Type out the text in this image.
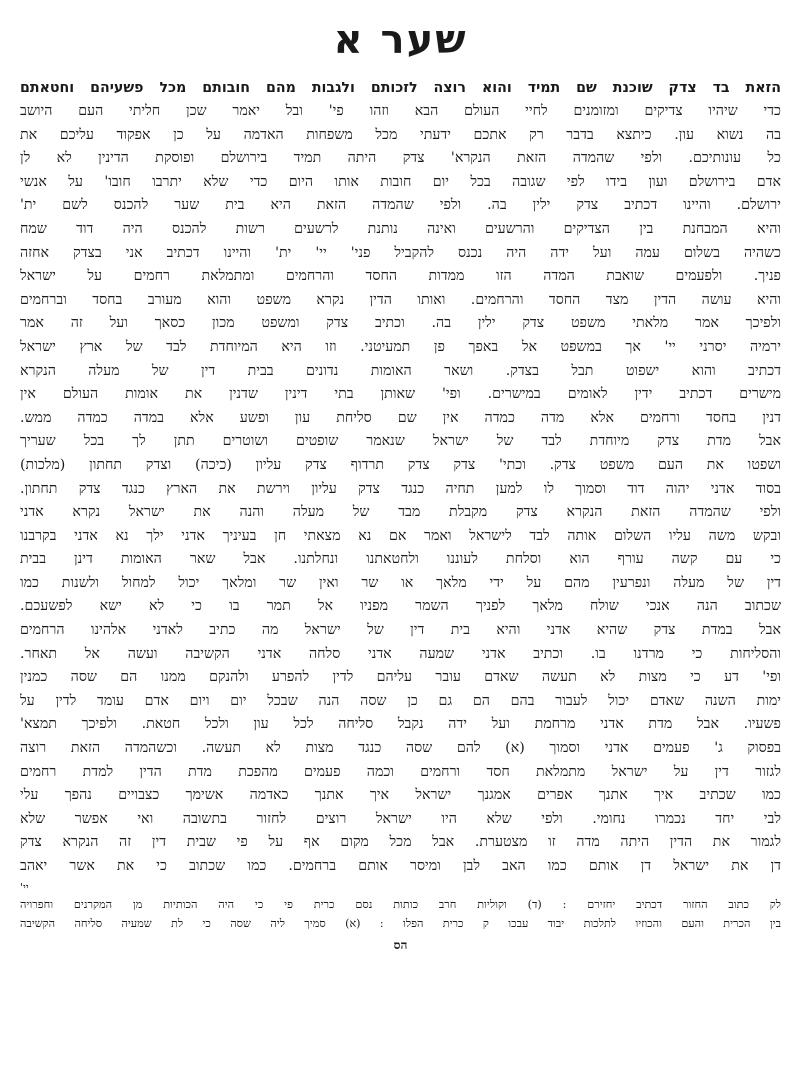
שער א
הזאת בד צדק שוכנת שם תמיד והוא רוצה לזכותם ולגבות מהם חובותם מכל פשעיהם וחטאתם
כדי שיהיו צדיקים ומזומנים לחיי העולם הבא וזהו פי' ובל יאמר שכן חליתי העם היושב
בה נשוא עון. כיתצא בדבר רק אתכם ידעתי מכל משפחות האדמה על כן אפקוד עליכם את
כל עונותיכם. ולפי שהמדה הזאת הנקרא' צדק היתה תמיד בירושלם ופוסקת הדינין לא לן
אדם בירושלם ועון בידו לפי שגובה בכל יום חובות אותו היום כדי שלא יתרבו חובו' על אנשי
ירושלם. והיינו דכתיב צדק ילין בה. ולפי שהמדה הזאת היא בית שער להכנס לשם ית'
והיא המבחנת בין הצדיקים והרשעים ואינה נותנת לרשעים רשות להכנס היה דוד שמח
כשהיה בשלום עמה ועל ידה היה נכנס להקביל פני' יי' ית' והיינו דכתיב אני בצדק אחזה
פניך. ולפעמים שואבת המדה הזו ממדות החסד והרחמים ומתמלאת רחמים על ישראל
והיא עושה הדין מצד החסד והרחמים. ואותו הדין נקרא משפט והוא מעורב בחסד וברחמים
ולפיכך אמר מלאתי משפט צדק ילין בה. וכתיב צדק ומשפט מכון כסאך ועל זה אמר
ירמיה יסרני יי' אך במשפט אל באפך פן תמעיטני. וזו היא המיוחדת לבד של ארץ ישראל
דכתיב והוא ישפוט תבל בצדק. ושאר האומות נדונים בבית דין של מעלה הנקרא
מישרים דכתיב ידין לאומים במישרים. ופי' שאותן בתי דינין שדנין את אומות העולם אין
דנין בחסד ורחמים אלא מדה כמדה אין שם סליחת עון ופשע אלא במדה כמדה ממש.
אבל מדת צדק מיוחדת לבד של ישראל שנאמר שופטים ושוטרים תתן לך בכל שעריך
ושפטו את העם משפט צדק. וכתי' צדק צדק תרדוף צדק עליון (כיכה) וצדק תחתון (מלכות)
בסוד אדני יהוה דוד וסמוך לו למען תחיה כנגד צדק עליון וירשת את הארץ כנגד צדק תחתון.
ולפי שהמדה הזאת הנקרא צדק מקבלת מבד של מעלה והנה את ישראל נקרא אדני
ובקש משה עליו השלום אותה לבד לישראל ואמר אם נא מצאתי חן בעיניך אדני ילך נא אדני בקרבנו
כי עם קשה עורף הוא וסלחת לעוננו ולחטאתנו ונחלתנו. אבל שאר האומות דינן בבית
דין של מעלה ונפרעין מהם על ידי מלאך או שר ואין שר ומלאך יכול למחול ולשנות כמו
שכתוב הנה אנכי שולח מלאך לפניך השמר מפניו אל תמר בו כי לא ישא לפשעכם.
אבל במדת צדק שהיא אדני והיא בית דין של ישראל מה כתיב לאדני אלהינו הרחמים
והסליחות כי מרדנו בו. וכתיב אדני שמעה אדני סלחה אדני הקשיבה ועשה אל תאחר.
ופי' דע כי מצות לא תעשה שאדם עובר עליהם לדין להפרע ולהנקם ממנו הם שסה כמנין
ימות השנה שאדם יכול לעבור בהם הם גם כן שסה הנה שבכל יום ויום אדם עומד לדין על
פשעיו. אבל מדת אדני מרחמת ועל ידה נקבל סליחה לכל עון ולכל חטאת. ולפיכך תמצא'
בפסוק ג' פעמים אדני וסמוך (א) להם שסה כנגד מצות לא תעשה. וכשהמדה הזאת רוצה
לגזור דין על ישראל מתמלאת חסד ורחמים וכמה פעמים מהפכת מדת הדין למדת רחמים
כמו שכתיב איך אתנך אפרים אמגנך ישראל איך אתנך כאדמה אשימך כצבויים נהפך עלי
לבי יחד נכמרו נחומי. ולפי שלא היו ישראל רוצים לחזור בתשובה ואי אפשר שלא
לגמור את הדין היתה מדה זו מצטערת. אבל מכל מקום אף על פי שבית דין זה הנקרא צדק
דן את ישראל דן אותם כמו האב לבן ומיסר אותם ברחמים. כמו שכתוב כי את אשר יאהב
יי'
לק כתוב החזור דכתיב יחזירם : (ד) וקוליות חרב כותות נסם כרית פי כי היה הכותיות מן המקרנים וחפרויה
בין הכרית והעם והכוזיו לתלכות יבוד עבכו ק כרית הפלו : (א) סמיך ליה שסה כי לת שמעיה סליחה הקשיבה
הס
